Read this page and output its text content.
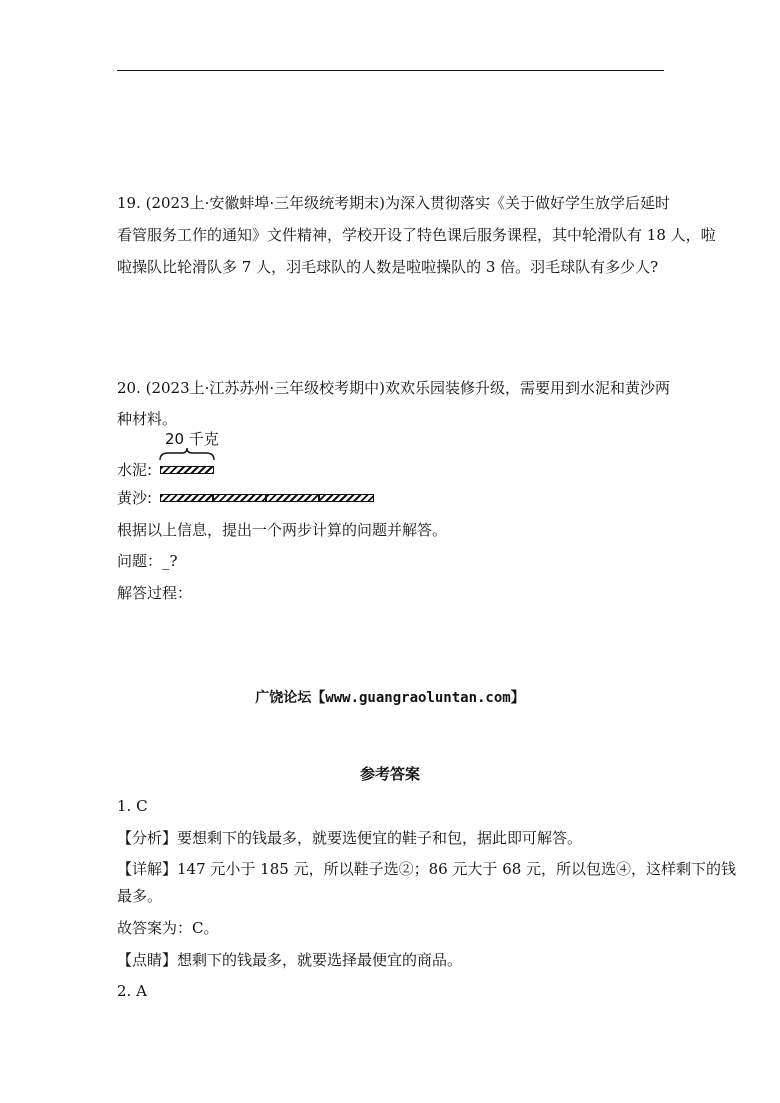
19. (2023上·安徽蚌埠·三年级统考期末)为深入贯彻落实《关于做好学生放学后延时
看管服务工作的通知》文件精神，学校开设了特色课后服务课程，其中轮滑队有 18 人，啦
啦操队比轮滑队多 7 人，羽毛球队的人数是啦啦操队的 3 倍。羽毛球队有多少人?
20. (2023上·江苏苏州·三年级校考期中)欢欢乐园装修升级，需要用到水泥和黄沙两
种材料。
20 千克
水泥:
黄沙:
根据以上信息，提出一个两步计算的问题并解答。
问题：_?
解答过程：
广饶论坛【www.guangraoluntan.com】
参考答案
1. C
【分析】要想剩下的钱最多，就要选便宜的鞋子和包，据此即可解答。
【详解】147 元小于 185 元，所以鞋子选②；86 元大于 68 元，所以包选④，这样剩下的钱
最多。
故答案为：C。
【点睛】想剩下的钱最多，就要选择最便宜的商品。
2. A
